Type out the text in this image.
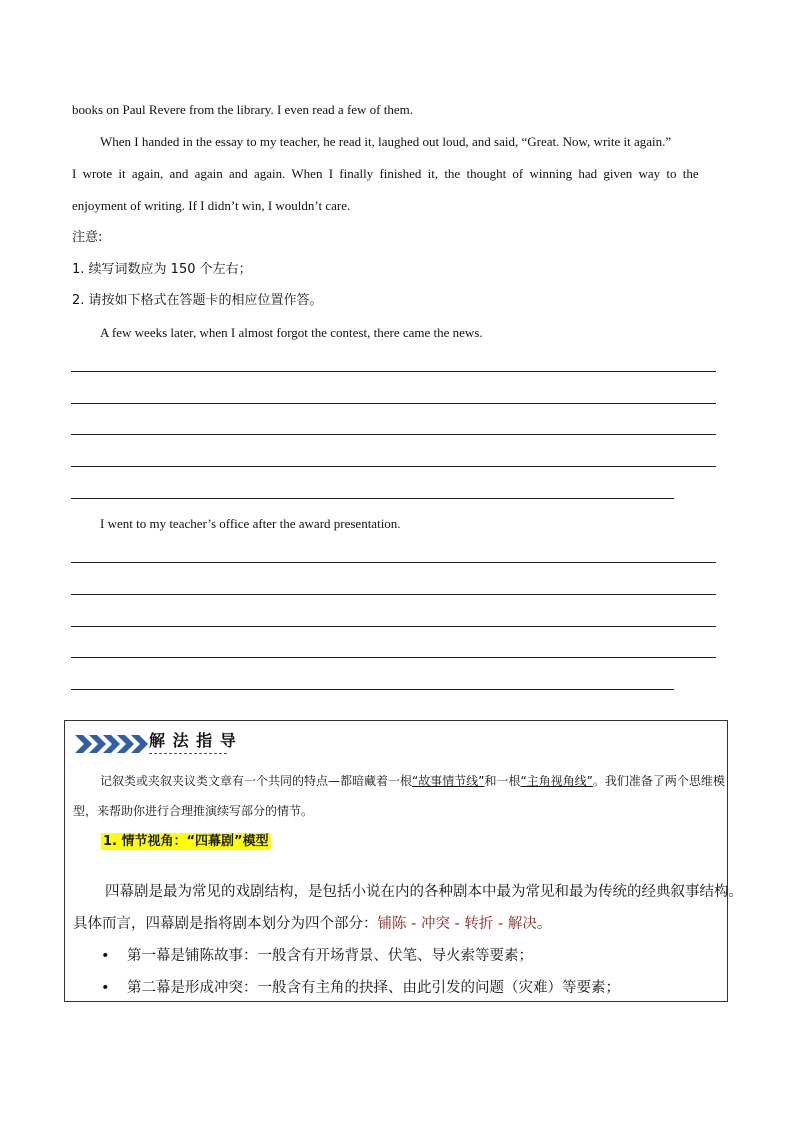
books on Paul Revere from the library. I even read a few of them.
When I handed in the essay to my teacher, he read it, laughed out loud, and said, “Great. Now, write it again.”
I wrote it again, and again and again. When I finally finished it, the thought of winning had given way to the
enjoyment of writing. If I didn’t win, I wouldn’t care.
注意:
1. 续写词数应为 150 个左右；
2. 请按如下格式在答题卡的相应位置作答。
A few weeks later, when I almost forgot the contest, there came the news.
I went to my teacher’s office after the award presentation.
解 法 指 导
记叙类或夹叙夹议类文章有一个共同的特点—都暗藏着一根“故事情节线”和一根“主角视角线”。我们准备了两个思维模
型，来帮助你进行合理推演续写部分的情节。
1. 情节视角：“四幕剧”模型
四幕剧是最为常见的戏剧结构，是包括小说在内的各种剧本中最为常见和最为传统的经典叙事结构。
具体而言，四幕剧是指将剧本划分为四个部分：铺陈 - 冲突 - 转折 - 解决。
• 第一幕是铺陈故事：一般含有开场背景、伏笔、导火索等要素；
• 第二幕是形成冲突：一般含有主角的抉择、由此引发的问题（灾难）等要素；
